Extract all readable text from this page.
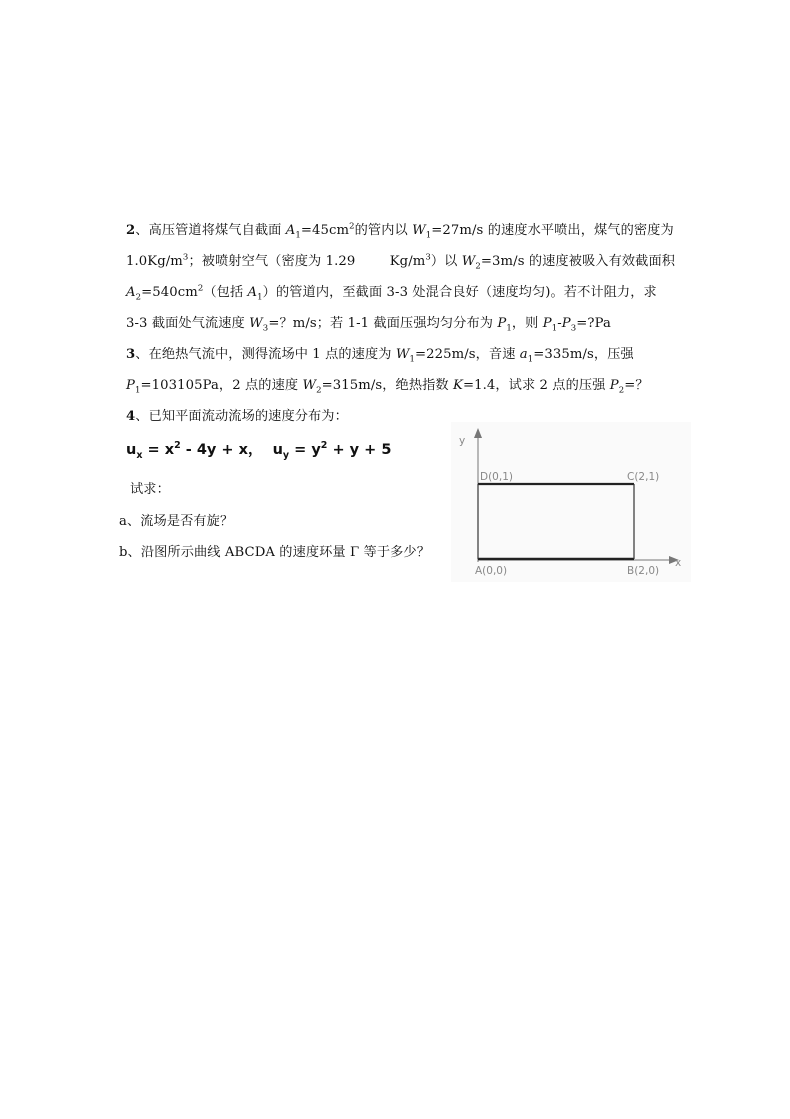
2、高压管道将煤气自截面 $A_1=45cm^2$的管内以 $W_1=27m/s$ 的速度水平喷出，煤气的密度为
$1.0Kg/m^3$；被喷射空气（密度为 1.29        $Kg/m^3$）以 $W_2=3m/s$ 的速度被吸入有效截面积
$A_2=540cm^2$（包括 $A_1$）的管道内，至截面 3-3 处混合良好（速度均匀)。若不计阻力，求
3-3 截面处气流速度 $W_3=$？m/s；若 1-1 截面压强均匀分布为 $P_1$，则 $P_1-P_3=?Pa$
3、在绝热气流中，测得流场中 1 点的速度为 $W_1=225m/s$，音速 $a_1=335m/s$，压强
$P_1=103105Pa$，2 点的速度 $W_2=315m/s$，绝热指数 K=1.4，试求 2 点的压强 $P_2=$？
4、已知平面流动流场的速度分布为：
$u_x = x^2 - 4y + x$，  $u_y = y^2 + y + 5$
试求：
a、流场是否有旋？
b、沿图所示曲线 ABCDA 的速度环量 Γ 等于多少？
y
x
D(0,1)	C(2,1)
A(0,0)	B(2,0)
